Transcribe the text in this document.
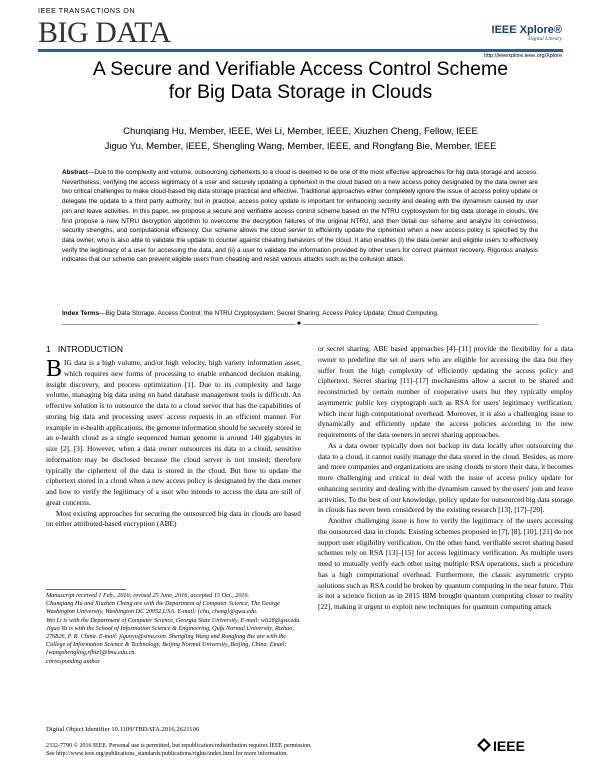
IEEE TRANSACTIONS ON
BIG DATA	IEEE Xplore®
Digital Library
http://ieeexplore.ieee.org/Xplore
A Secure and Verifiable Access Control Scheme
for Big Data Storage in Clouds
Chunqiang Hu, Member, IEEE, Wei Li, Member, IEEE, Xiuzhen Cheng, Fellow, IEEE
Jiguo Yu, Member, IEEE, Shengling Wang, Member, IEEE, and Rongfang Bie, Member, IEEE
Abstract—Due to the complexity and volume, outsourcing ciphertexts to a cloud is deemed to be one of the most effective approaches for big data storage and access. Nevertheless, verifying the access legitimacy of a user and securely updating a ciphertext in the cloud based on a new access policy designated by the data owner are two critical challenges to make cloud-based big data storage practical and effective. Traditional approaches either completely ignore the issue of access policy update or delegate the update to a third party authority; but in practice, access policy update is important for enhancing security and dealing with the dynamism caused by user join and leave activities. In this paper, we propose a secure and verifiable access control scheme based on the NTRU cryptosystem for big data storage in clouds. We first propose a new NTRU decryption algorithm to overcome the decryption failures of the original NTRU, and then detail our scheme and analyze its correctness, security strengths, and computational efficiency. Our scheme allows the cloud server to efficiently update the ciphertext when a new access policy is specified by the data owner, who is also able to validate the update to counter against cheating behaviors of the cloud. It also enables (i) the data owner and eligible users to effectively verify the legitimacy of a user for accessing the data, and (ii) a user to validate the information provided by other users for correct plaintext recovery. Rigorous analysis indicates that our scheme can prevent eligible users from cheating and resist various attacks such as the collusion attack.
Index Terms—Big Data Storage; Access Control; the NTRU Cryptosystem; Secret Sharing; Access Policy Update; Cloud Computing.
✦
1 INTRODUCTION

BIG data is a high volume, and/or high velocity, high variety information asset, which requires new forms of processing to enable enhanced decision making, insight discovery, and process optimization [1]. Due to its complexity and large volume, managing big data using on hand database management tools is difficult. An effective solution is to outsource the data to a cloud server that has the capabilities of storing big data and processing users' access requests in an efficient manner. For example in e-health applications, the genome information should be securely stored in an e-health cloud as a single sequenced human genome is around 140 gigabytes in size [2], [3]. However, when a data owner outsources its data to a cloud, sensitive information may be disclosed because the cloud server is not trusted; therefore typically the ciphertext of the data is stored in the cloud. But how to update the ciphertext stored in a cloud when a new access policy is designated by the data owner and how to verify the legitimacy of a user who intends to access the data are still of great concerns.

Most existing approaches for securing the outsourced big data in clouds are based on either attributed-based encryption (ABE)

or secret sharing. ABE based approaches [4]–[11] provide the flexibility for a data owner to predefine the set of users who are eligible for accessing the data but they suffer from the high complexity of efficiently updating the access policy and ciphertext. Secret sharing [11]–[17] mechanisms allow a secret to be shared and reconstructed by certain number of cooperative users but they typically employ asymmetric public key cryptograph such as RSA for users' legitimacy verification, which incur high computational overhead. Moreover, it is also a challenging issue to dynamically and efficiently update the access policies according to the new requirements of the data owners in secret sharing approaches.

As a data owner typically does not backup its data locally after outsourcing the data to a cloud, it cannot easily manage the data stored in the cloud. Besides, as more and more companies and organizations are using clouds to store their data, it becomes more challenging and critical to deal with the issue of access policy update for enhancing security and dealing with the dynamism caused by the users' join and leave activities. To the best of our knowledge, policy update for outsourced big data storage in clouds has never been considered by the existing research [13], [17]–[20].

Another challenging issue is how to verify the legitimacy of the users accessing the outsourced data in clouds. Existing schemes proposed in [7], [8], [10], [21] do not support user eligibility verification. On the other hand, verifiable secret sharing based schemes rely on RSA [13]–[15] for access legitimacy verification. As multiple users need to mutually verify each other using multiple RSA operations, such a procedure has a high computational overhead. Furthermore, the classic asymmetric crypto solutions such as RSA could be broken by quantum computing in the near future. This is not a science fiction as in 2015 IBM brought quantum computing closer to reality [22], making it urgent to exploit new techniques for quantum computing attack

Manuscript received 1 Feb., 2016; revised 25 June, 2016, accepted 15 Oct., 2016.
Chunqiang Hu and Xiuzhen Cheng are with the Department of Computer Science, The George Washington University, Washington DC 20052,USA. E-mail: {chu, cheng}@gwu.edu.
Wei Li is with the Department of Computer Science, Georgia State University, E-mail: wli28@gsu.edu.
Jiguo Yu is with the School of Information Science & Engineering, Qufu Normal University, Rizhao, 276826, P. R. China. E-mail: jiguoyu@sina.com. Shengling Wang and Rongfang Bie are with the College of Information Science & Technology, Beijing Normal University, Beijing, China. Email: {wangshengling,rfbie}@bnu.edu.cn.
corresponding author.
Digital Object Identifier 10.1109/TBDATA.2016.2621106
2332-7790 © 2016 IEEE. Personal use is permitted, but republication/redistribution requires IEEE permission.
See http://www.ieee.org/publications_standards/publications/rights/index.html for more information.
IEEE
